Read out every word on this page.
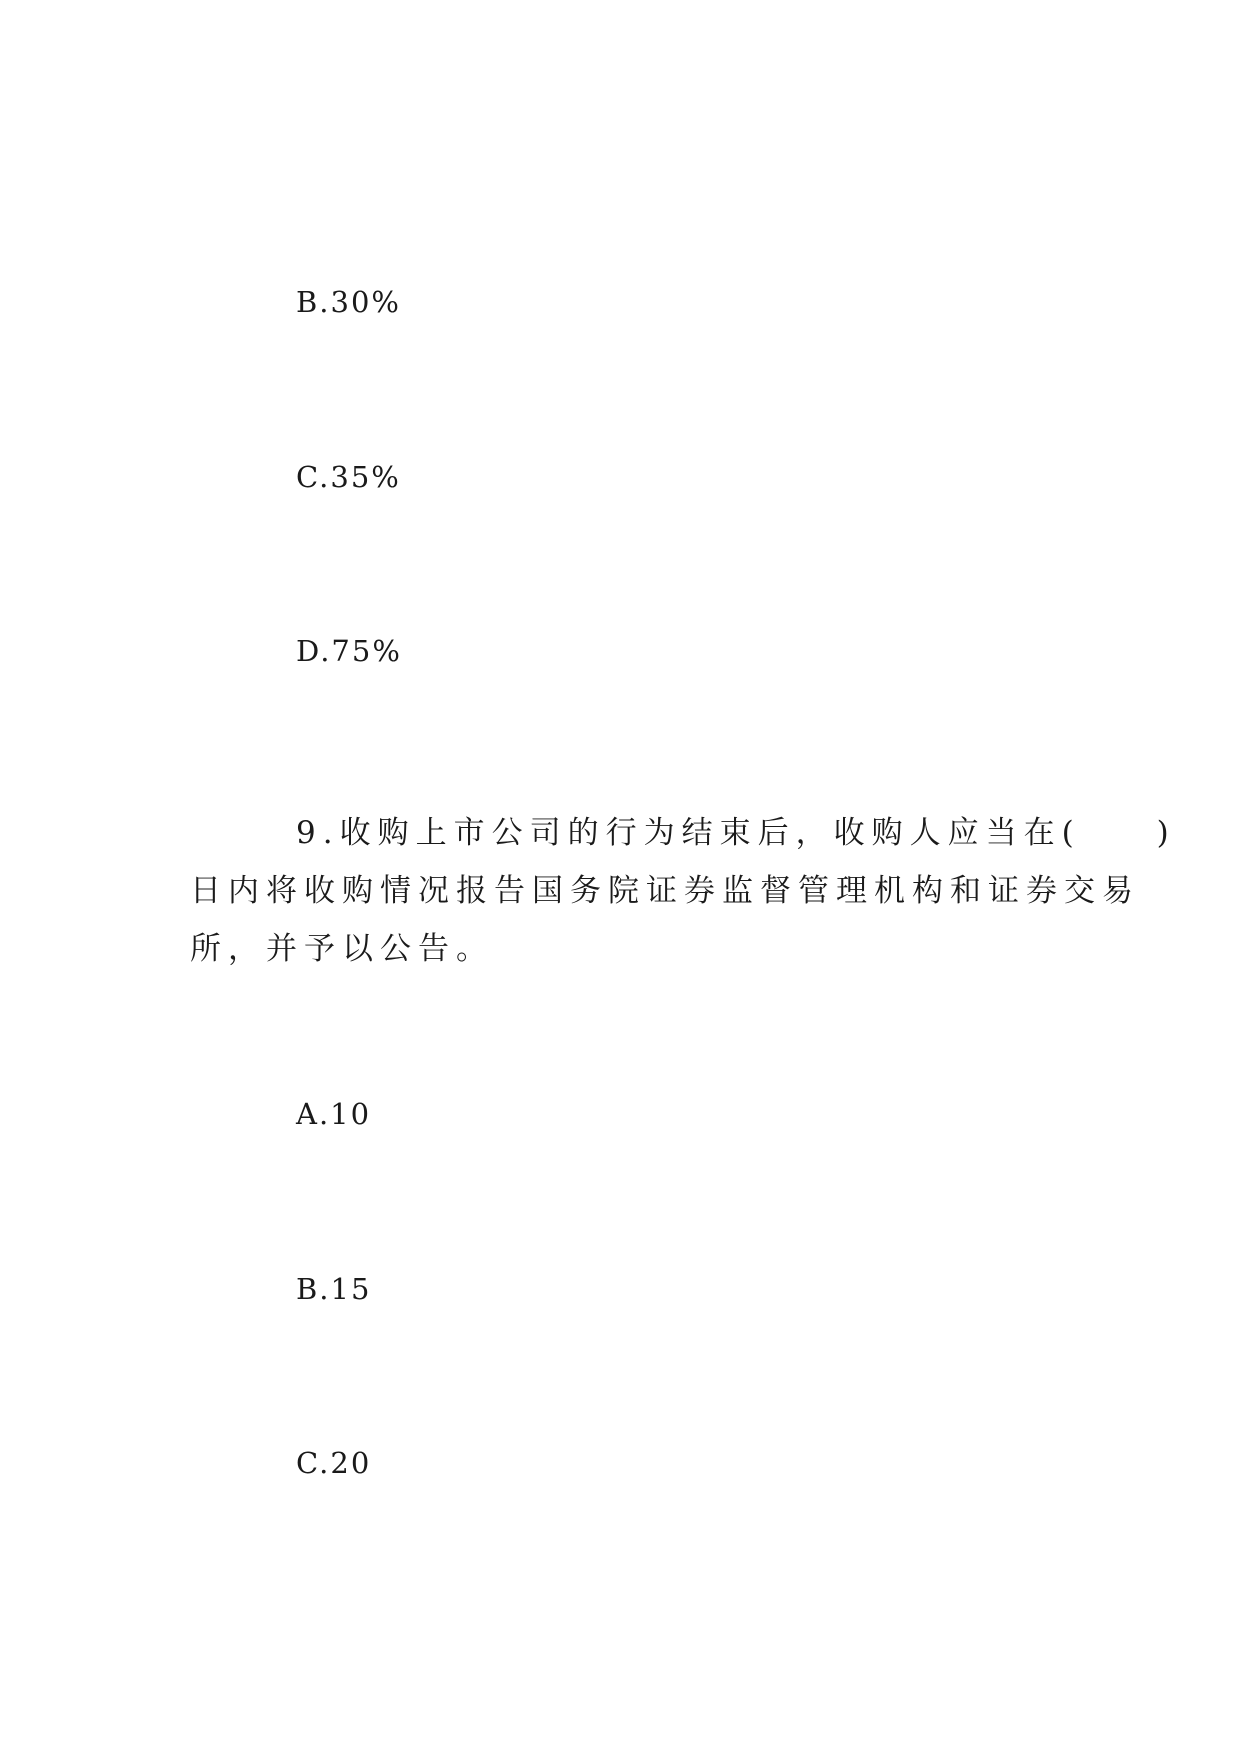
B.30%
C.35%
D.75%
9.收购上市公司的行为结束后，收购人应当在(　　)
日内将收购情况报告国务院证券监督管理机构和证券交易
所，并予以公告。
A.10
B.15
C.20
